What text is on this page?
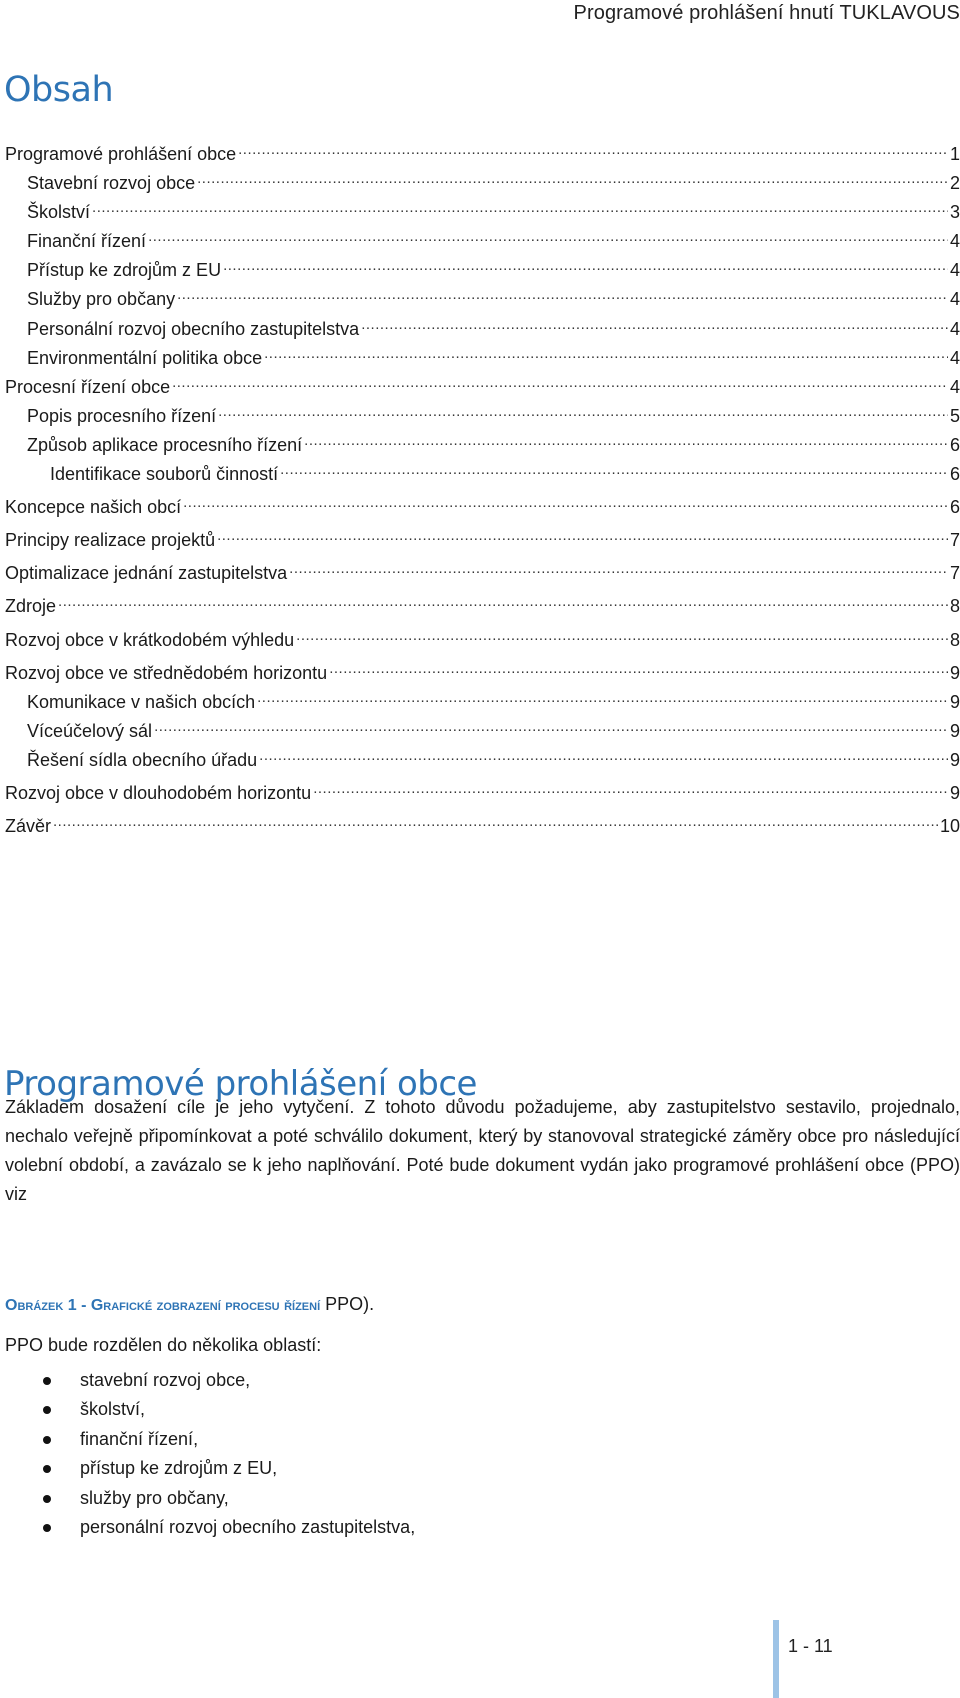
Programové prohlášení hnutí TUKLAVOUS
Obsah
Programové prohlášení obce .....	1
Stavební rozvoj obce .....	2
Školství .....	3
Finanční řízení .....	4
Přístup ke zdrojům z EU .....	4
Služby pro občany .....	4
Personální rozvoj obecního zastupitelstva .....	4
Environmentální politika obce .....	4
Procesní řízení obce .....	4
Popis procesního řízení .....	5
Způsob aplikace procesního řízení .....	6
Identifikace souborů činností .....	6
Koncepce našich obcí .....	6
Principy realizace projektů .....	7
Optimalizace jednání zastupitelstva .....	7
Zdroje .....	8
Rozvoj obce v krátkodobém výhledu .....	8
Rozvoj obce ve střednědobém horizontu .....	9
Komunikace v našich obcích .....	9
Víceúčelový sál .....	9
Řešení sídla obecního úřadu .....	9
Rozvoj obce v dlouhodobém horizontu .....	9
Závěr .....	10
Programové prohlášení obce

Základem dosažení cíle je jeho vytyčení. Z tohoto důvodu požadujeme, aby zastupitelstvo sestavilo, projednalo, nechalo veřejně připomínkovat a poté schválilo dokument, který by stanovoval strategické záměry obce pro následující volební období, a zavázalo se k jeho naplňování. Poté bude dokument vydán jako programové prohlášení obce (PPO) viz

Obrázek 1 - Grafické zobrazení procesu řízení PPO).

PPO bude rozdělen do několika oblastí:

stavební rozvoj obce,
školství,
finanční řízení,
přístup ke zdrojům z EU,
služby pro občany,
personální rozvoj obecního zastupitelstva,
1 - 11
